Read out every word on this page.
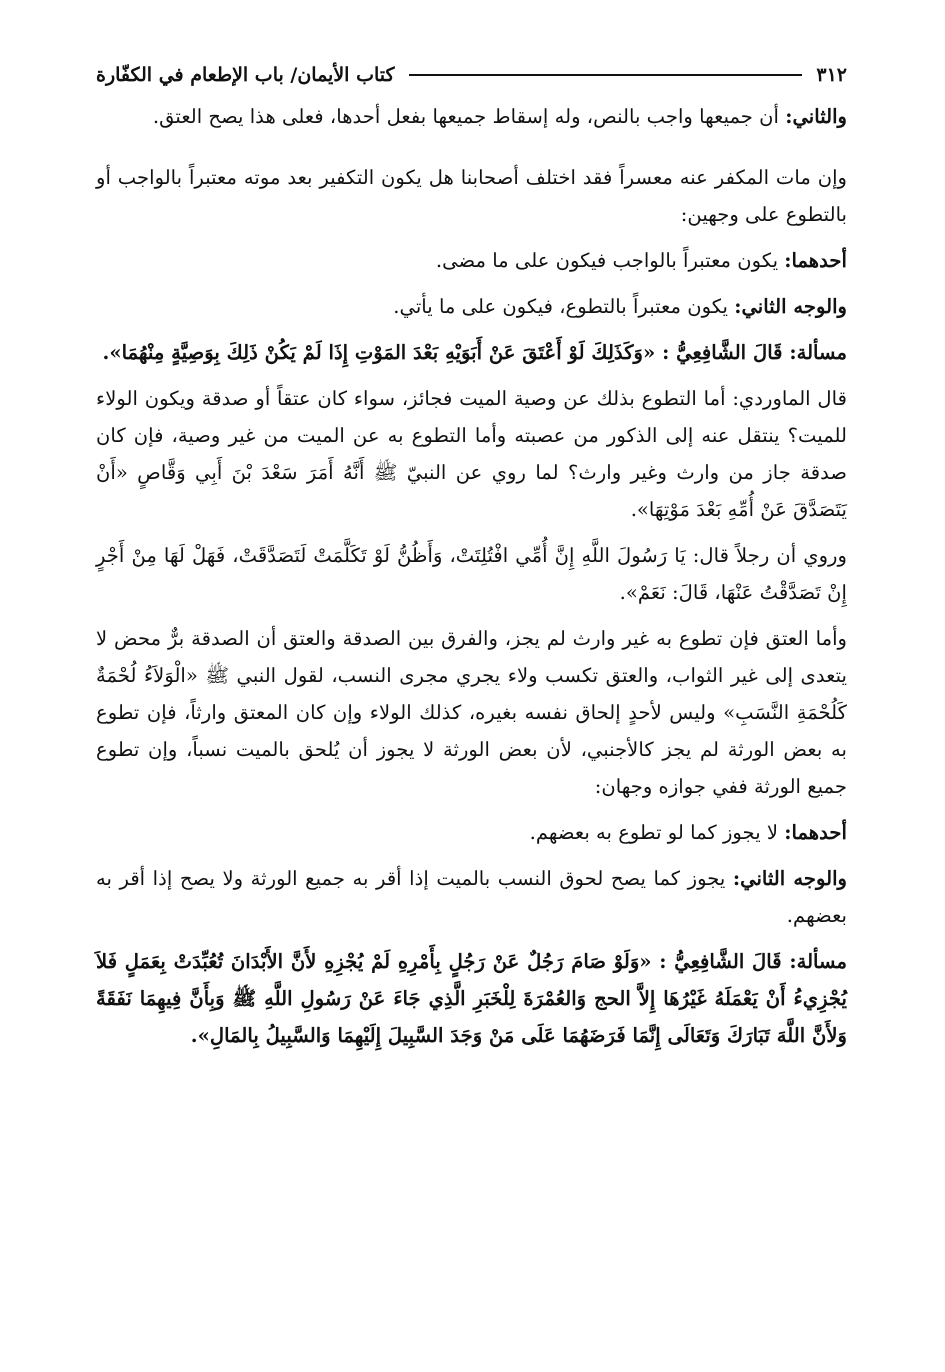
٣١٢
كتاب الأيمان/ باب الإطعام في الكفّارة

والثاني: أن جميعها واجب بالنص، وله إسقاط جميعها بفعل أحدها، فعلى هذا يصح العتق.

وإن مات المكفر عنه معسراً فقد اختلف أصحابنا هل يكون التكفير بعد موته معتبراً بالواجب أو بالتطوع على وجهين:

أحدهما: يكون معتبراً بالواجب فيكون على ما مضى.

والوجه الثاني: يكون معتبراً بالتطوع، فيكون على ما يأتي.

مسألة: قَالَ الشَّافِعِيُّ : «وَكَذَلِكَ لَوْ أَعْتَقَ عَنْ أَبَوَيْهِ بَعْدَ المَوْتِ إِذَا لَمْ يَكُنْ ذَلِكَ بِوَصِيَّةٍ مِنْهُمَا».

قال الماوردي: أما التطوع بذلك عن وصية الميت فجائز، سواء كان عتقاً أو صدقة ويكون الولاء للميت؟ ينتقل عنه إلى الذكور من عصبته وأما التطوع به عن الميت من غير وصية، فإن كان صدقة جاز من وارث وغير وارث؟ لما روي عن النبيّ ﷺ أَنَّهُ أَمَرَ سَعْدَ بْنَ أَبِي وَقَّاصٍ «أَنْ يَتَصَدَّقَ عَنْ أُمِّهِ بَعْدَ مَوْتِهَا».

وروي أن رجلاً قال: يَا رَسُولَ اللَّهِ إِنَّ أُمِّي افْتُلِتَتْ، وَأَظُنُّ لَوْ تَكَلَّمَتْ لَتَصَدَّقَتْ، فَهَلْ لَهَا مِنْ أَجْرٍ إِنْ تَصَدَّقْتُ عَنْهَا، قَالَ: نَعَمْ».

وأما العتق فإن تطوع به غير وارث لم يجز، والفرق بين الصدقة والعتق أن الصدقة برٌّ محض لا يتعدى إلى غير الثواب، والعتق تكسب ولاء يجري مجرى النسب، لقول النبي ﷺ «الْوَلاَءُ لُحْمَةٌ كَلُحْمَةِ النَّسَبِ» وليس لأحدٍ إلحاق نفسه بغيره، كذلك الولاء وإن كان المعتق وارثاً، فإن تطوع به بعض الورثة لم يجز كالأجنبي، لأن بعض الورثة لا يجوز أن يُلحق بالميت نسباً، وإن تطوع جميع الورثة ففي جوازه وجهان:

أحدهما: لا يجوز كما لو تطوع به بعضهم.

والوجه الثاني: يجوز كما يصح لحوق النسب بالميت إذا أقر به جميع الورثة ولا يصح إذا أقر به بعضهم.

مسألة: قَالَ الشَّافِعِيُّ : «وَلَوْ صَامَ رَجُلٌ عَنْ رَجُلٍ بِأَمْرِهِ لَمْ يُجْزِهِ لأَنَّ الأَبْدَانَ تُعُبِّدَتْ بِعَمَلٍ فَلاَ يُجْزِيءُ أَنْ يَعْمَلَهُ غَيْرُهَا إِلاَّ الحج وَالعُمْرَةَ لِلْخَبَرِ الَّذِي جَاءَ عَنْ رَسُولِ اللَّهِ ﷺ وَبِأَنَّ فِيهِمَا نَفَقَةً وَلأَنَّ اللَّهَ تَبَارَكَ وَتَعَالَى إِنَّمَا فَرَضَهُمَا عَلَى مَنْ وَجَدَ السَّبِيلَ إِلَيْهِمَا وَالسَّبِيلُ بِالمَالِ».
